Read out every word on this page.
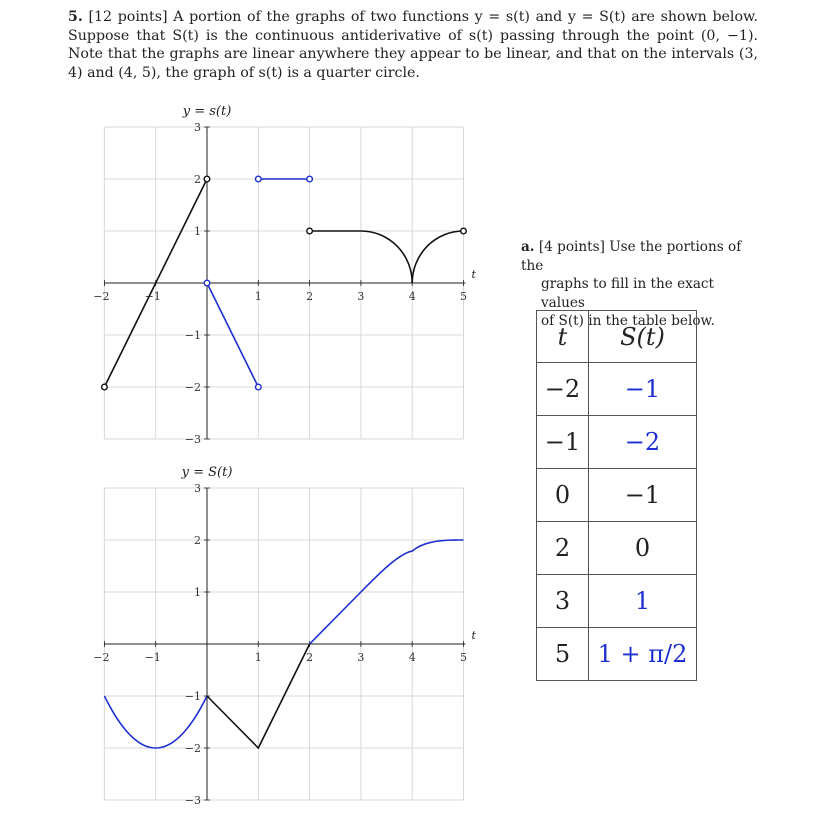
5. [12 points] A portion of the graphs of two functions y = s(t) and y = S(t) are shown below. Suppose that S(t) is the continuous antiderivative of s(t) passing through the point (0, −1). Note that the graphs are linear anywhere they appear to be linear, and that on the intervals (3, 4) and (4, 5), the graph of s(t) is a quarter circle.
−2	−1	1	2	3	4	5
3
2
1
−1
−2
−3
y = s(t)
t
−2	−1	1	2	3	4	5
3
2
1
−1
−2
−3
y = S(t)
t
a. [4 points] Use the portions of the
graphs to fill in the exact values
of S(t) in the table below.
t	S(t)
−2	−1
−1	−2
0	−1
2	0
3	1
5	1 + π/2
